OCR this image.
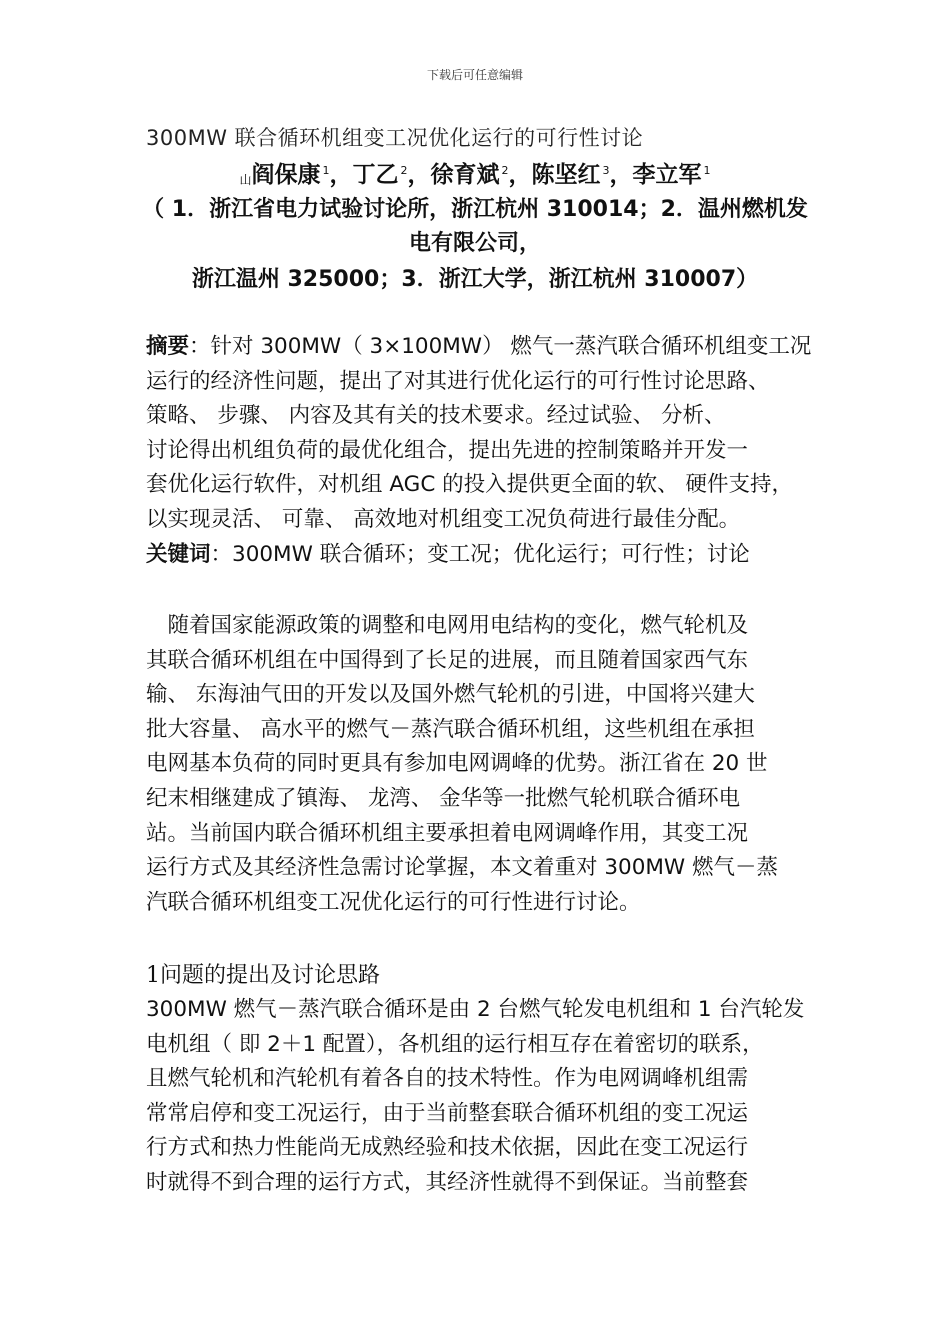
下载后可任意编辑
300MW 联合循环机组变工况优化运行的可行性讨论
山阎保康 $^1$，丁乙 $^2$，徐育斌 $^2$，陈坚红 $^3$，李立军 $^1$
（ 1．浙江省电力试验讨论所，浙江杭州 310014；2．温州燃机发
电有限公司，
浙江温州 325000；3．浙江大学，浙江杭州 310007）
摘要：针对 300MW（ 3×100MW） 燃气一蒸汽联合循环机组变工况
运行的经济性问题，提出了对其进行优化运行的可行性讨论思路、
策略、 步骤、 内容及其有关的技术要求。经过试验、 分析、
讨论得出机组负荷的最优化组合，提出先进的控制策略并开发一
套优化运行软件，对机组 AGC 的投入提供更全面的软、 硬件支持，
以实现灵活、 可靠、 高效地对机组变工况负荷进行最佳分配。
关键词：300MW 联合循环；变工况；优化运行；可行性；讨论
　随着国家能源政策的调整和电网用电结构的变化，燃气轮机及
其联合循环机组在中国得到了长足的进展，而且随着国家西气东
输、 东海油气田的开发以及国外燃气轮机的引进，中国将兴建大
批大容量、 高水平的燃气－蒸汽联合循环机组，这些机组在承担
电网基本负荷的同时更具有参加电网调峰的优势。浙江省在 20 世
纪末相继建成了镇海、 龙湾、 金华等一批燃气轮机联合循环电
站。当前国内联合循环机组主要承担着电网调峰作用，其变工况
运行方式及其经济性急需讨论掌握，本文着重对 300MW 燃气－蒸
汽联合循环机组变工况优化运行的可行性进行讨论。
1问题的提出及讨论思路
300MW 燃气－蒸汽联合循环是由 2 台燃气轮发电机组和 1 台汽轮发
电机组（ 即 2＋1 配置），各机组的运行相互存在着密切的联系，
且燃气轮机和汽轮机有着各自的技术特性。作为电网调峰机组需
常常启停和变工况运行，由于当前整套联合循环机组的变工况运
行方式和热力性能尚无成熟经验和技术依据，因此在变工况运行
时就得不到合理的运行方式，其经济性就得不到保证。当前整套
